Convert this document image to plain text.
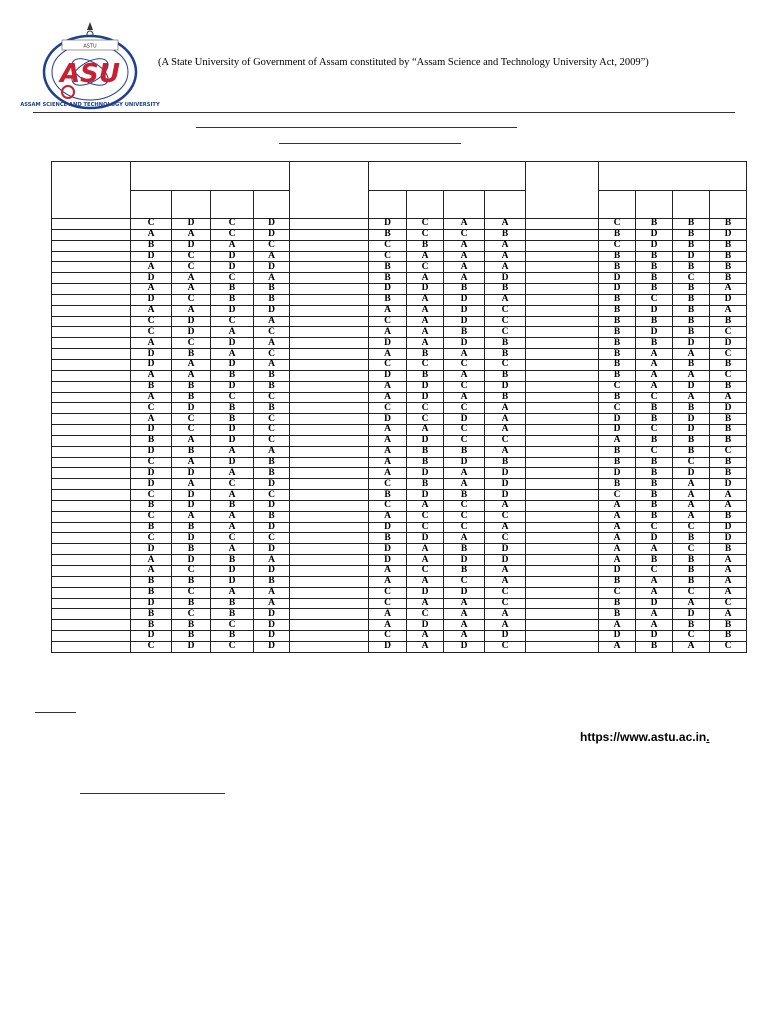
ASTU
ASU
ASSAM SCIENCE AND TECHNOLOGY UNIVERSITY
(A State University of Government of Assam constituted by “Assam Science and Technology University Act, 2009”)

	C	D	C	D		D	C	A	A		C	B	B	B
	A	A	C	D		B	C	C	B		B	D	B	D
	B	D	A	C		C	B	A	A		C	D	B	B
	D	C	D	A		C	A	A	A		B	B	D	B
	A	C	D	D		B	C	A	A		B	B	B	B
	D	A	C	A		B	A	A	D		D	B	C	B
	A	A	B	B		D	D	B	B		D	B	B	A
	D	C	B	B		B	A	D	A		B	C	B	D
	A	A	D	D		A	A	D	C		B	D	B	A
	C	D	C	A		C	A	D	C		B	B	B	B
	C	D	A	C		A	A	B	C		B	D	B	C
	A	C	D	A		D	A	D	B		B	B	D	D
	D	B	A	C		A	B	A	B		B	A	A	C
	D	A	D	A		C	C	C	C		B	A	B	B
	A	A	B	B		D	B	A	B		B	A	A	C
	B	B	D	B		A	D	C	D		C	A	D	B
	A	B	C	C		A	D	A	B		B	C	A	A
	C	D	B	B		C	C	C	A		C	B	B	D
	A	C	B	C		D	C	D	A		D	B	D	B
	D	C	D	C		A	A	C	A		D	C	D	B
	B	A	D	C		A	D	C	C		A	B	B	B
	D	B	A	A		A	B	B	A		B	C	B	C
	C	A	D	B		A	B	D	B		B	B	C	B
	D	D	A	B		A	D	A	D		D	B	D	B
	D	A	C	D		C	B	A	D		B	B	A	D
	C	D	A	C		B	D	B	D		C	B	A	A
	B	D	B	D		C	A	C	A		A	B	A	A
	C	A	A	B		A	C	C	C		A	B	A	B
	B	B	A	D		D	C	C	A		A	C	C	D
	C	D	C	C		B	D	A	C		A	D	B	D
	D	B	A	D		D	A	B	D		A	A	C	B
	A	D	B	A		D	A	D	D		A	B	B	A
	A	C	D	D		A	C	B	A		D	C	B	A
	B	B	D	B		A	A	C	A		B	A	B	A
	B	C	A	A		C	D	D	C		C	A	C	A
	D	B	B	A		C	A	A	C		B	D	A	C
	B	C	B	D		A	C	A	A		B	A	D	A
	B	B	C	D		A	D	A	A		A	A	B	B
	D	B	B	D		C	A	A	D		D	D	C	B
	C	D	C	D		D	A	D	C		A	B	A	C
https://www.astu.ac.in.
